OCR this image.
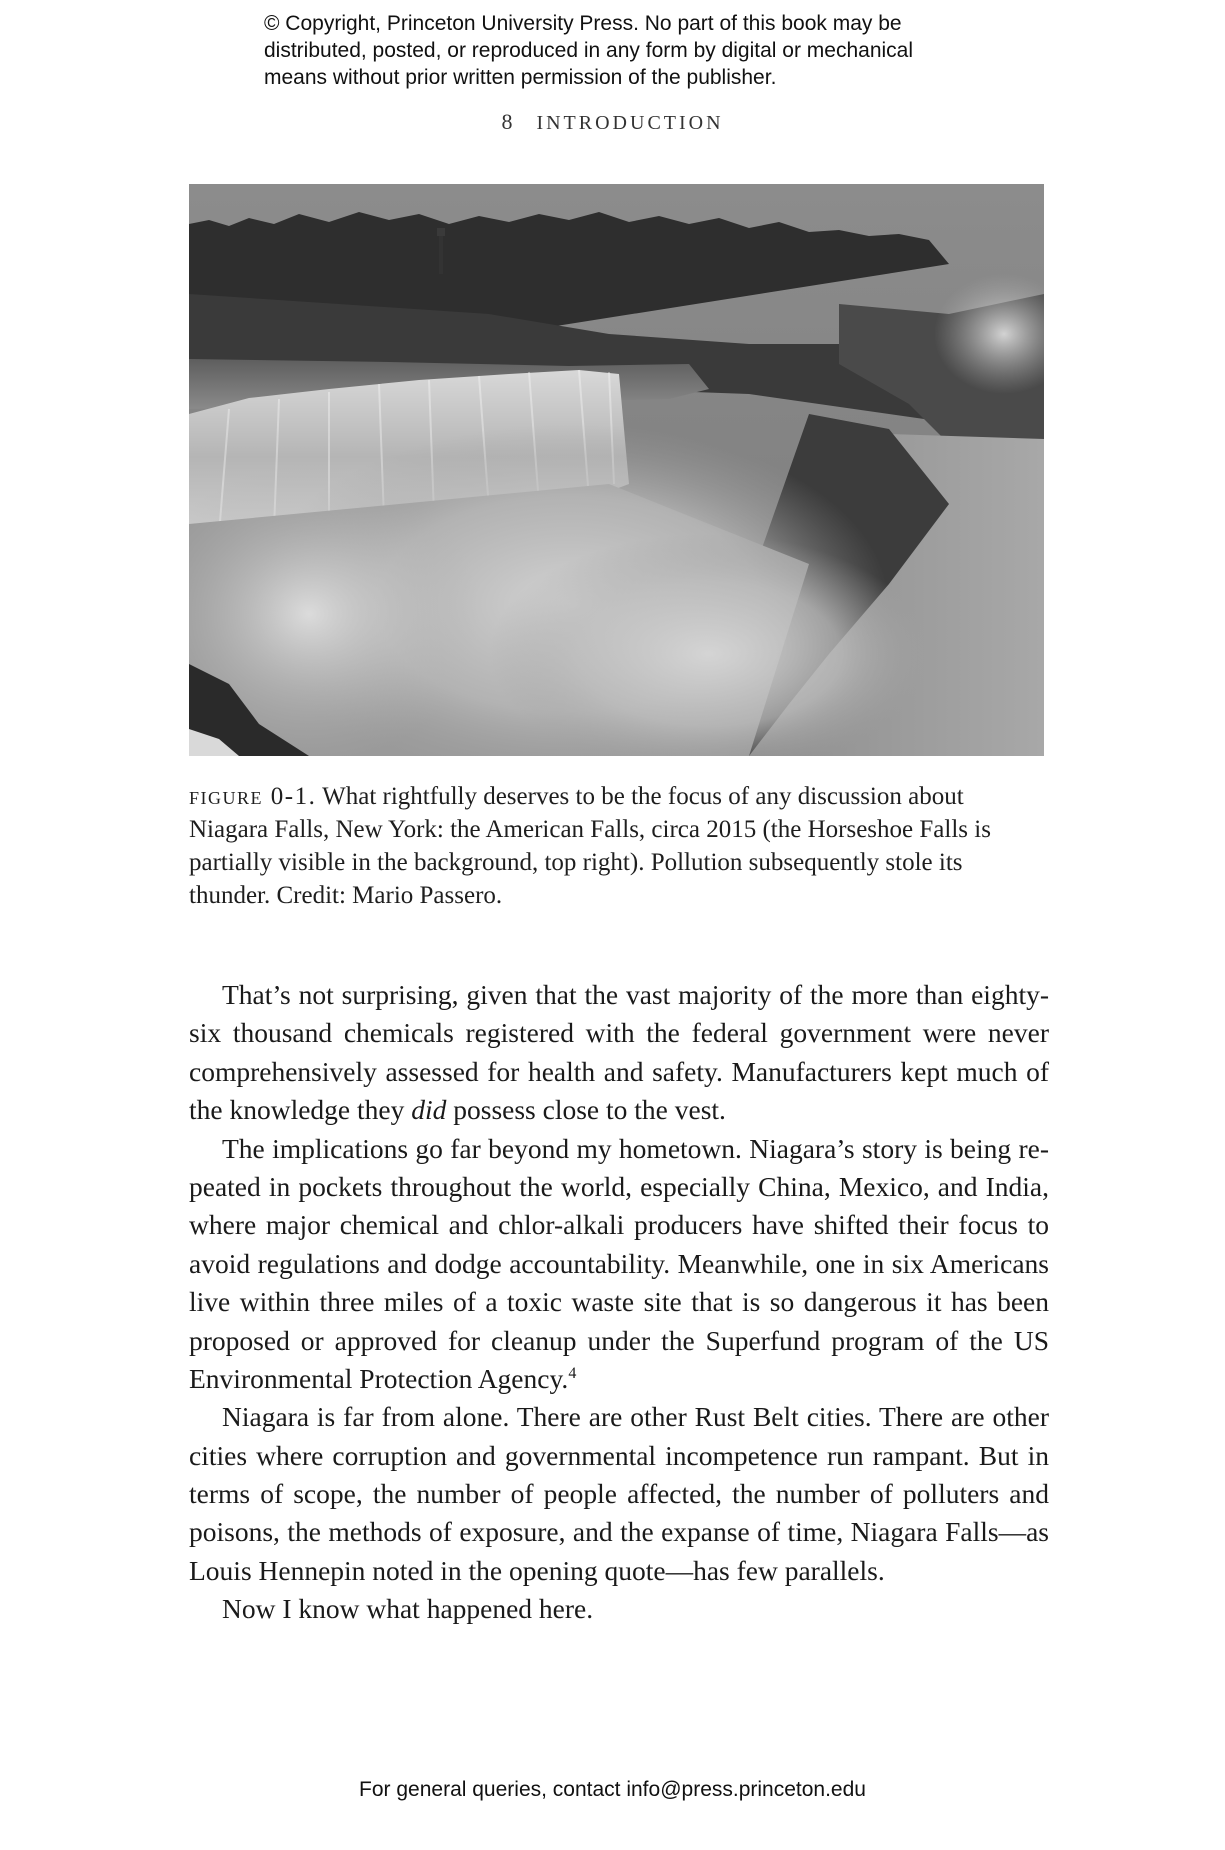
© Copyright, Princeton University Press. No part of this book may be
distributed, posted, or reproduced in any form by digital or mechanical
means without prior written permission of the publisher.
8 INTRODUCTION
figure 0-1. What rightfully deserves to be the focus of any discussion about
Niagara Falls, New York: the American Falls, circa 2015 (the Horseshoe Falls is
partially visible in the background, top right). Pollution subsequently stole its
thunder. Credit: Mario Passero.
That’s not surprising, given that the vast majority of the more than eighty-
six thousand chemicals registered with the federal government were never
comprehensively assessed for health and safety. Manufacturers kept much of
the knowledge they did possess close to the vest.
The implications go far beyond my hometown. Niagara’s story is being re-
peated in pockets throughout the world, especially China, Mexico, and India,
where major chemical and chlor-alkali producers have shifted their focus to
avoid regulations and dodge accountability. Meanwhile, one in six Americans
live within three miles of a toxic waste site that is so dangerous it has been
proposed or approved for cleanup under the Superfund program of the US
Environmental Protection Agency.$^4$
Niagara is far from alone. There are other Rust Belt cities. There are other
cities where corruption and governmental incompetence run rampant. But in
terms of scope, the number of people affected, the number of polluters and
poisons, the methods of exposure, and the expanse of time, Niagara Falls—as
Louis Hennepin noted in the opening quote—has few parallels.
Now I know what happened here.
For general queries, contact info@press.princeton.edu
